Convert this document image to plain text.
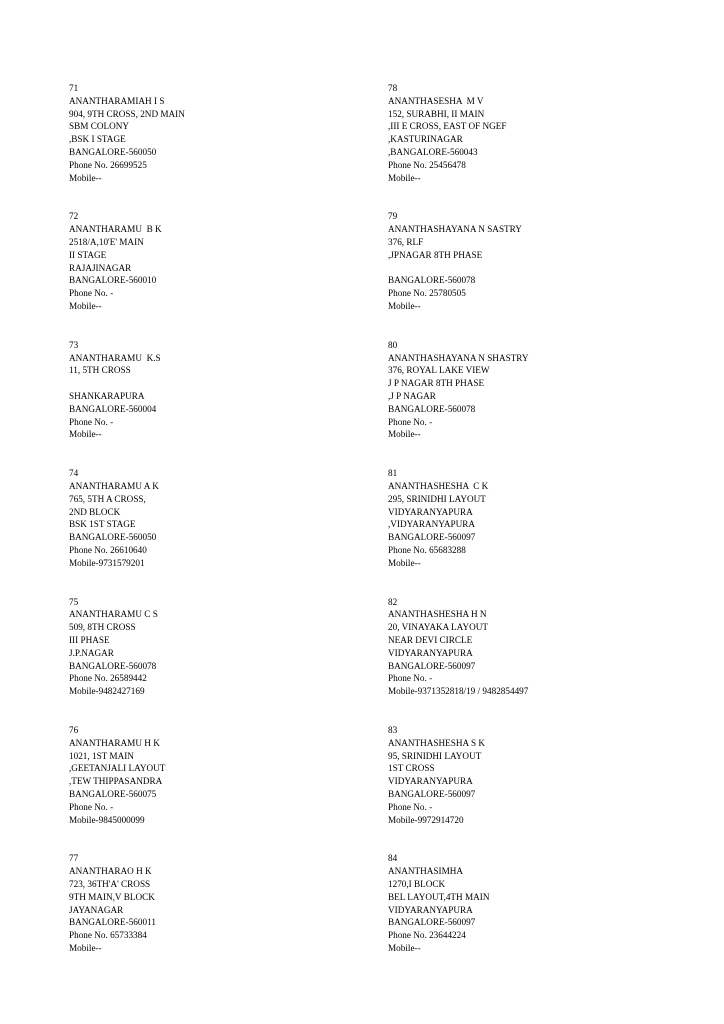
71
ANANTHARAMIAH I S
904, 9TH CROSS, 2ND MAIN
SBM COLONY
,BSK I STAGE
BANGALORE-560050
Phone No. 26699525
Mobile--
72
ANANTHARAMU  B K
2518/A,10'E' MAIN
II STAGE
RAJAJINAGAR
BANGALORE-560010
Phone No. -
Mobile--
73
ANANTHARAMU  K.S
11, 5TH CROSS
SHANKARAPURA
BANGALORE-560004
Phone No. -
Mobile--
74
ANANTHARAMU A K
765, 5TH A CROSS,
2ND BLOCK
BSK 1ST STAGE
BANGALORE-560050
Phone No. 26610640
Mobile-9731579201
75
ANANTHARAMU C S
509, 8TH CROSS
III PHASE
J.P.NAGAR
BANGALORE-560078
Phone No. 26589442
Mobile-9482427169
76
ANANTHARAMU H K
1021, 1ST MAIN
,GEETANJALI LAYOUT
,TEW THIPPASANDRA
BANGALORE-560075
Phone No. -
Mobile-9845000099
77
ANANTHARAO H K
723, 36TH'A' CROSS
9TH MAIN,V BLOCK
JAYANAGAR
BANGALORE-560011
Phone No. 65733384
Mobile--
78
ANANTHASESHA  M V
152, SURABHI, II MAIN
,III E CROSS, EAST OF NGEF
,KASTURINAGAR
,BANGALORE-560043
Phone No. 25456478
Mobile--
79
ANANTHASHAYANA N SASTRY
376, RLF
,JPNAGAR 8TH PHASE
BANGALORE-560078
Phone No. 25780505
Mobile--
80
ANANTHASHAYANA N SHASTRY
376, ROYAL LAKE VIEW
J P NAGAR 8TH PHASE
,J P NAGAR
BANGALORE-560078
Phone No. -
Mobile--
81
ANANTHASHESHA  C K
295, SRINIDHI LAYOUT
VIDYARANYAPURA
,VIDYARANYAPURA
BANGALORE-560097
Phone No. 65683288
Mobile--
82
ANANTHASHESHA H N
20, VINAYAKA LAYOUT
NEAR DEVI CIRCLE
VIDYARANYAPURA
BANGALORE-560097
Phone No. -
Mobile-9371352818/19 / 9482854497
83
ANANTHASHESHA S K
95, SRINIDHI LAYOUT
1ST CROSS
VIDYARANYAPURA
BANGALORE-560097
Phone No. -
Mobile-9972914720
84
ANANTHASIMHA
1270,I BLOCK
BEL LAYOUT,4TH MAIN
VIDYARANYAPURA
BANGALORE-560097
Phone No. 23644224
Mobile--
